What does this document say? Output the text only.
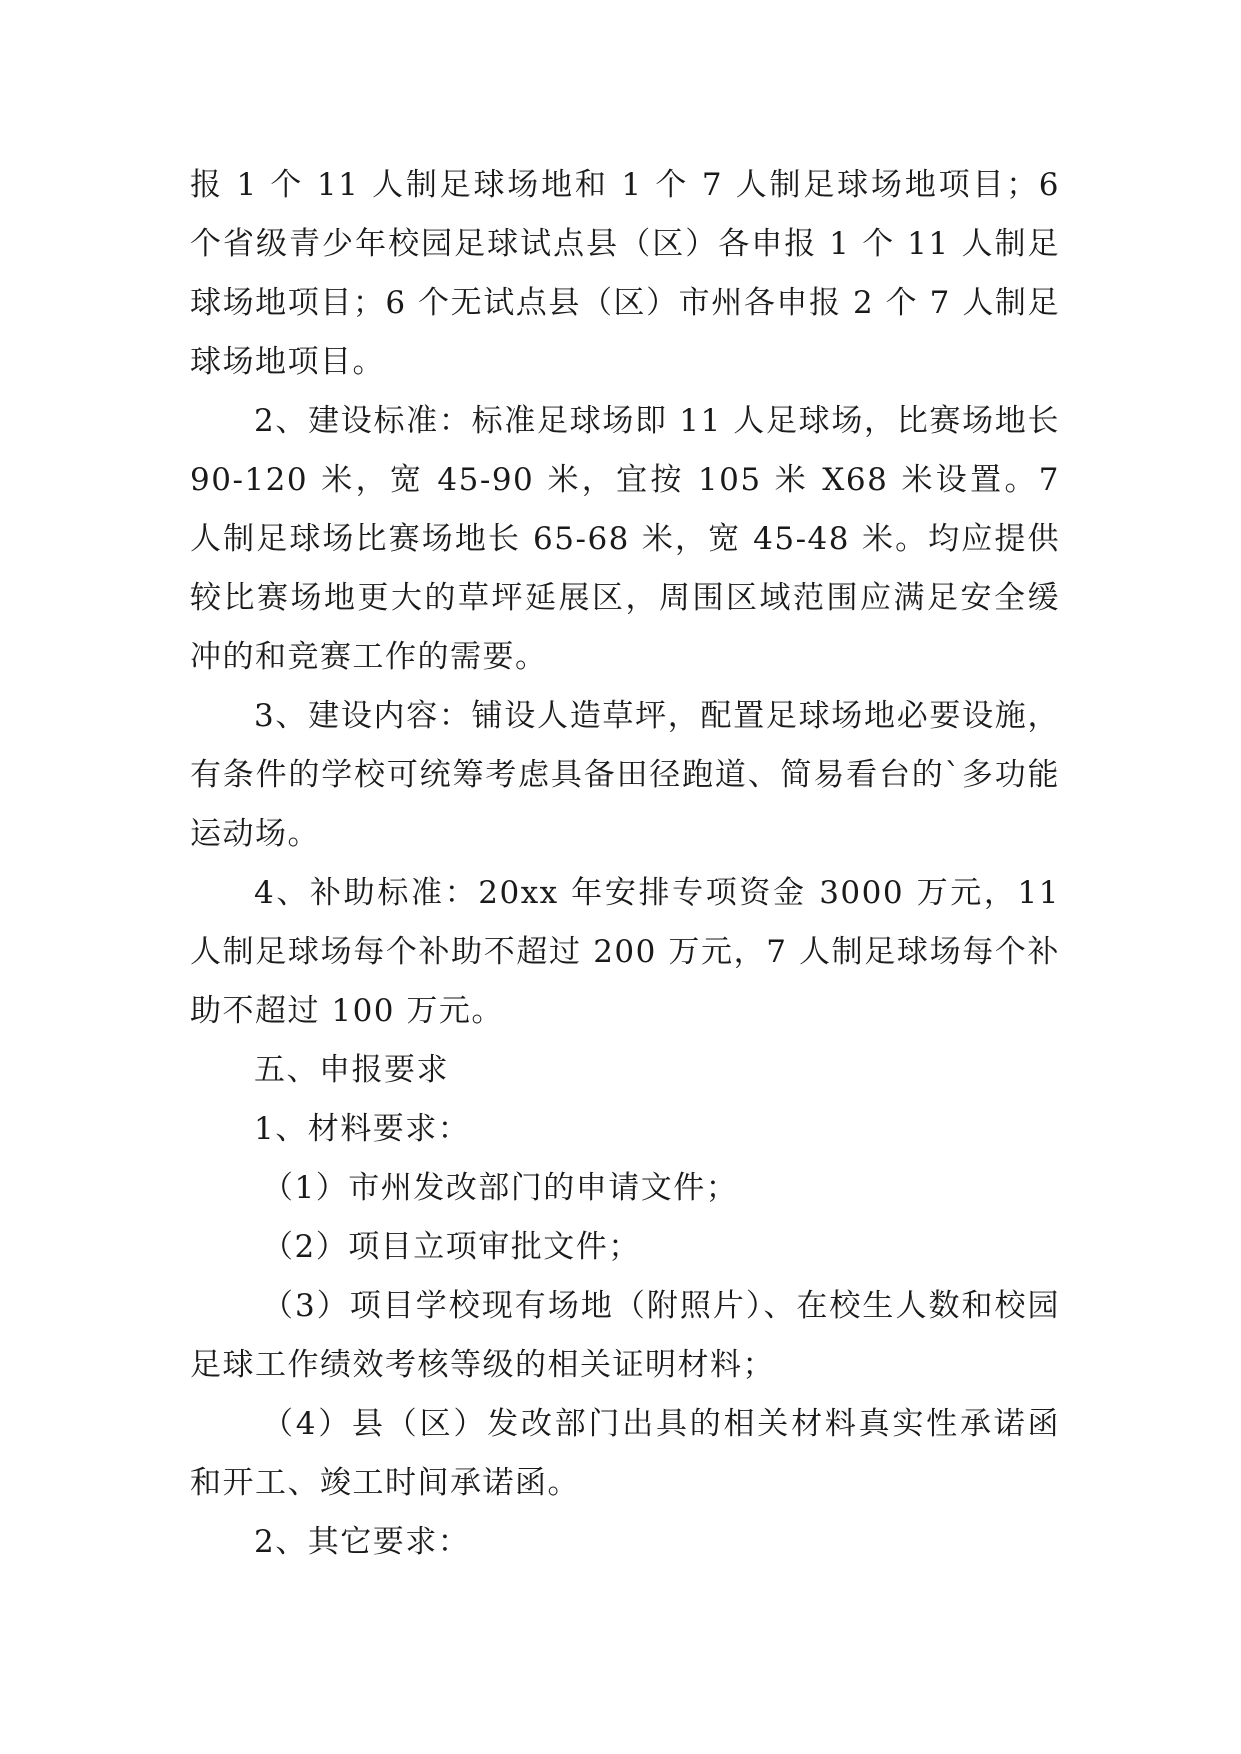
报 1 个 11 人制足球场地和 1 个 7 人制足球场地项目；6 个省级青少年校园足球试点县（区）各申报 1 个 11 人制足球场地项目；6 个无试点县（区）市州各申报 2 个 7 人制足球场地项目。

2、建设标准：标准足球场即 11 人足球场，比赛场地长 90-120 米，宽 45-90 米，宜按 105 米 X68 米设置。7 人制足球场比赛场地长 65-68 米，宽 45-48 米。均应提供较比赛场地更大的草坪延展区，周围区域范围应满足安全缓冲的和竞赛工作的需要。

3、建设内容：铺设人造草坪，配置足球场地必要设施，有条件的学校可统筹考虑具备田径跑道、简易看台的`多功能运动场。

4、补助标准：20xx 年安排专项资金 3000 万元，11 人制足球场每个补助不超过 200 万元，7 人制足球场每个补助不超过 100 万元。

五、申报要求

1、材料要求：

（1）市州发改部门的申请文件；

（2）项目立项审批文件；

（3）项目学校现有场地（附照片）、在校生人数和校园足球工作绩效考核等级的相关证明材料；

（4）县（区）发改部门出具的相关材料真实性承诺函和开工、竣工时间承诺函。

2、其它要求：
